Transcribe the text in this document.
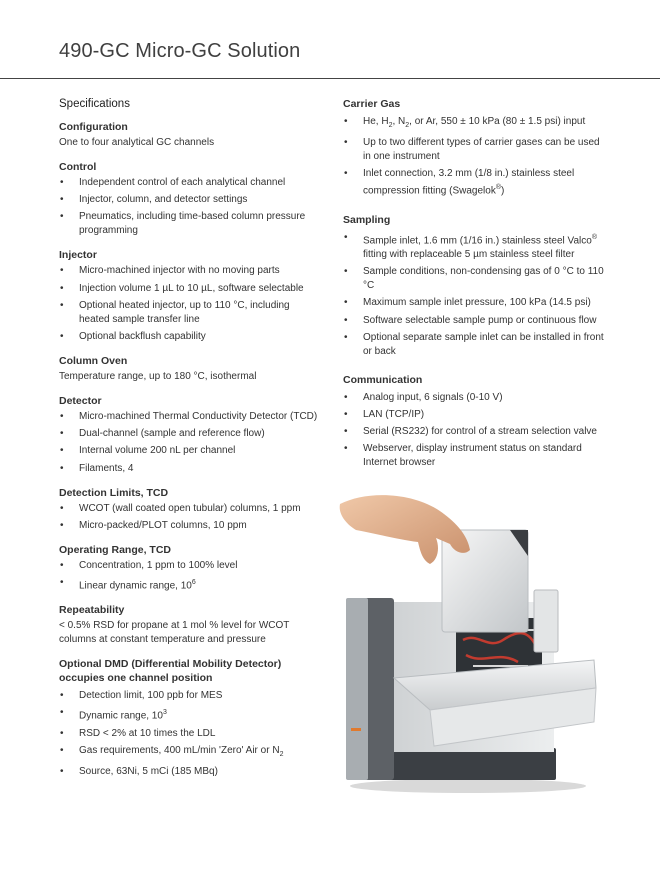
490-GC Micro-GC Solution
Specifications
Configuration

One to four analytical GC channels

Control
• Independent control of each analytical channel
• Injector, column, and detector settings
• Pneumatics, including time-based column pressure programming
Injector
• Micro-machined injector with no moving parts
• Injection volume 1 µL to 10 µL, software selectable
• Optional heated injector, up to 110 °C, including heated sample transfer line
• Optional backflush capability
Column Oven

Temperature range, up to 180 °C, isothermal

Detector
• Micro-machined Thermal Conductivity Detector (TCD)
• Dual-channel (sample and reference flow)
• Internal volume 200 nL per channel
• Filaments, 4
Detection Limits, TCD
• WCOT (wall coated open tubular) columns, 1 ppm
• Micro-packed/PLOT columns, 10 ppm
Operating Range, TCD
• Concentration, 1 ppm to 100% level
• Linear dynamic range, $10^6$
Repeatability

< 0.5% RSD for propane at 1 mol % level for WCOT columns at constant temperature and pressure

Optional DMD (Differential Mobility Detector) occupies one channel position
• Detection limit, 100 ppb for MES
• Dynamic range, $10^3$
• RSD < 2% at 10 times the LDL
• Gas requirements, 400 mL/min 'Zero' Air or $N_2$
• Source, 63Ni, 5 mCi (185 MBq)
Carrier Gas
• He, $H_2$, $N_2$, or Ar, 550 ± 10 kPa (80 ± 1.5 psi) input
• Up to two different types of carrier gases can be used in one instrument
• Inlet connection, 3.2 mm (1/8 in.) stainless steel compression fitting (Swagelok®)
Sampling
• Sample inlet, 1.6 mm (1/16 in.) stainless steel Valco® fitting with replaceable 5 µm stainless steel filter
• Sample conditions, non-condensing gas of 0 °C to 110 °C
• Maximum sample inlet pressure, 100 kPa (14.5 psi)
• Software selectable sample pump or continuous flow
• Optional separate sample inlet can be installed in front or back
Communication
• Analog input, 6 signals (0-10 V)
• LAN (TCP/IP)
• Serial (RS232) for control of a stream selection valve
• Webserver, display instrument status on standard Internet browser
